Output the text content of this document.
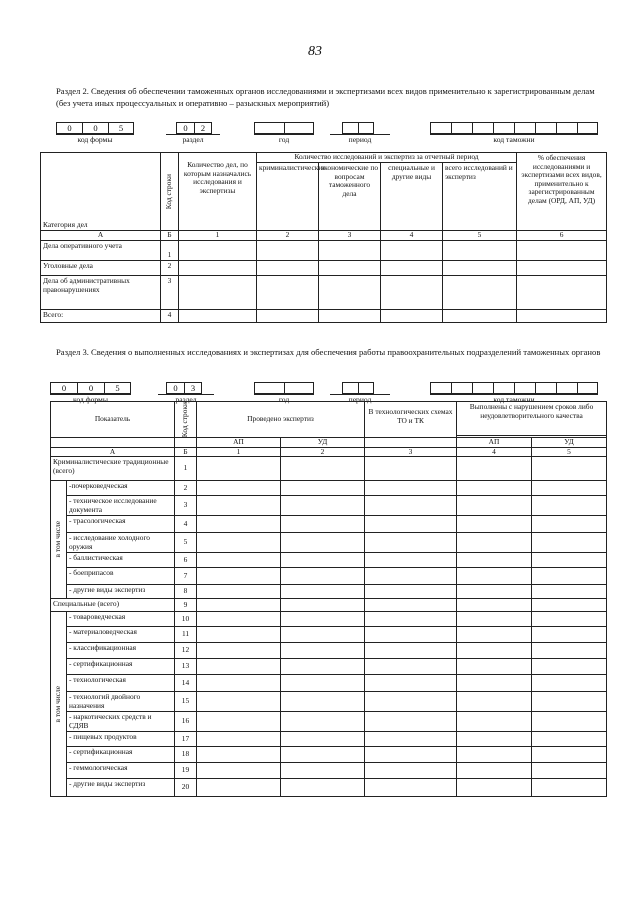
83
Раздел 2. Сведения об обеспечении таможенных органов исследованиями и экспертизами всех видов применительно к зарегистрированным делам (без учета иных процессуальных и оперативно – разыскных мероприятий)
0	0	5
код формы
0	2
раздел	год	период	код таможни
Категория дел	Код строки	Количество дел, по которым назначались исследования и экспертизы	Количество исследований и экспертиз за отчетный период				% обеспечения исследованиями и экспертизами всех видов, применительно к зарегистрированным делам (ОРД, АП, УД)
			криминалистические	экономические по вопросам таможенного дела	специальные и другие виды	всего исследований и экспертиз	
А	Б	1	2	3	4	5	6
Дела оперативного учета	1						
Уголовные дела	2						
Дела об административных правонарушениях	3						
Всего:	4						
Раздел 3. Сведения о выполненных исследованиях и экспертизах для обеспечения работы правоохранительных подразделений таможенных органов
0	0	5
код формы
0	3
раздел	год	период	код таможни
Показатель		Код строки	Проведено экспертиз		В технологических схемах ТО и ТК	Выполнены с нарушением сроков либо неудовлетворительного качества	

			АП	УД		АП	УД
А		Б	1	2	3	4	5
Криминалистические традиционные (всего)		1					

в том числе	-почерковедческая	2					
	- техническое исследование документа	3					
	- трасологическая	4					
	- исследование холодного оружия	5					
	- баллистическая	6					
	- боеприпасов	7					
	- другие виды экспертиз	8					
Специальные (всего)		9					

в том числе	- товароведческая	10					
	- материаловедческая	11					
	- классификационная	12					
	- сертификационная	13					
	- технологическая	14					
	- технологий двойного назначения	15					
	- наркотических средств и СДЯВ	16					
	- пищевых продуктов	17					
	- сертификационная	18					
	- геммологическая	19					
	- другие виды экспертиз	20					
